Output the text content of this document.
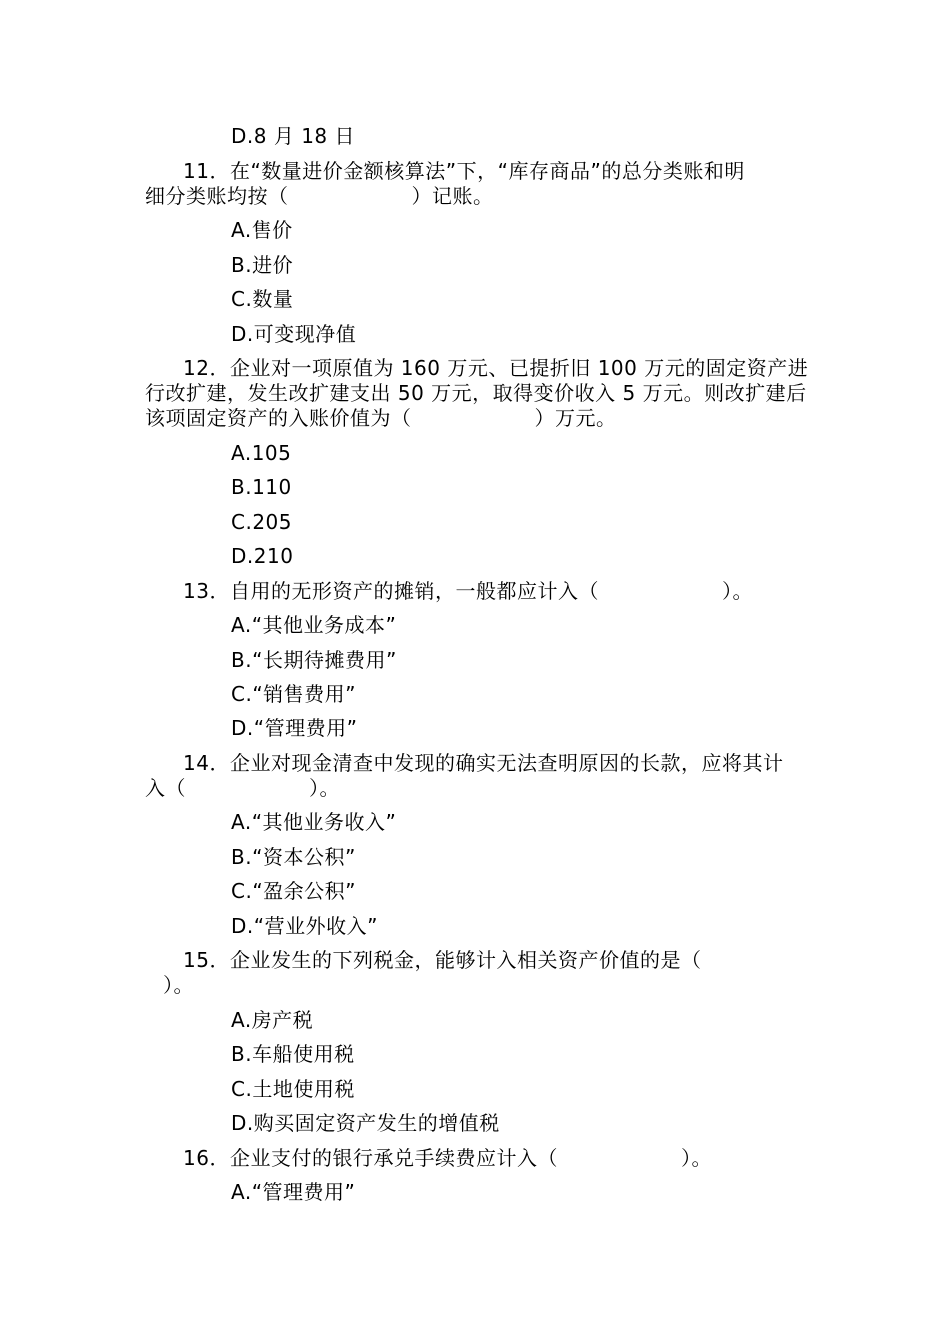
D.8 月 18 日
11．在“数量进价金额核算法”下，“库存商品”的总分类账和明
细分类账均按（　　　　　　）记账。
A.售价
B.进价
C.数量
D.可变现净值
12．企业对一项原值为 160 万元、已提折旧 100 万元的固定资产进
行改扩建，发生改扩建支出 50 万元，取得变价收入 5 万元。则改扩建后
该项固定资产的入账价值为（　　　　　　）万元。
A.105
B.110
C.205
D.210
13．自用的无形资产的摊销，一般都应计入（　　　　　　）。
A.“其他业务成本”
B.“长期待摊费用”
C.“销售费用”
D.“管理费用”
14．企业对现金清查中发现的确实无法查明原因的长款，应将其计
入（　　　　　　）。
A.“其他业务收入”
B.“资本公积”
C.“盈余公积”
D.“营业外收入”
15．企业发生的下列税金，能够计入相关资产价值的是（
）。
A.房产税
B.车船使用税
C.土地使用税
D.购买固定资产发生的增值税
16．企业支付的银行承兑手续费应计入（　　　　　　）。
A.“管理费用”
